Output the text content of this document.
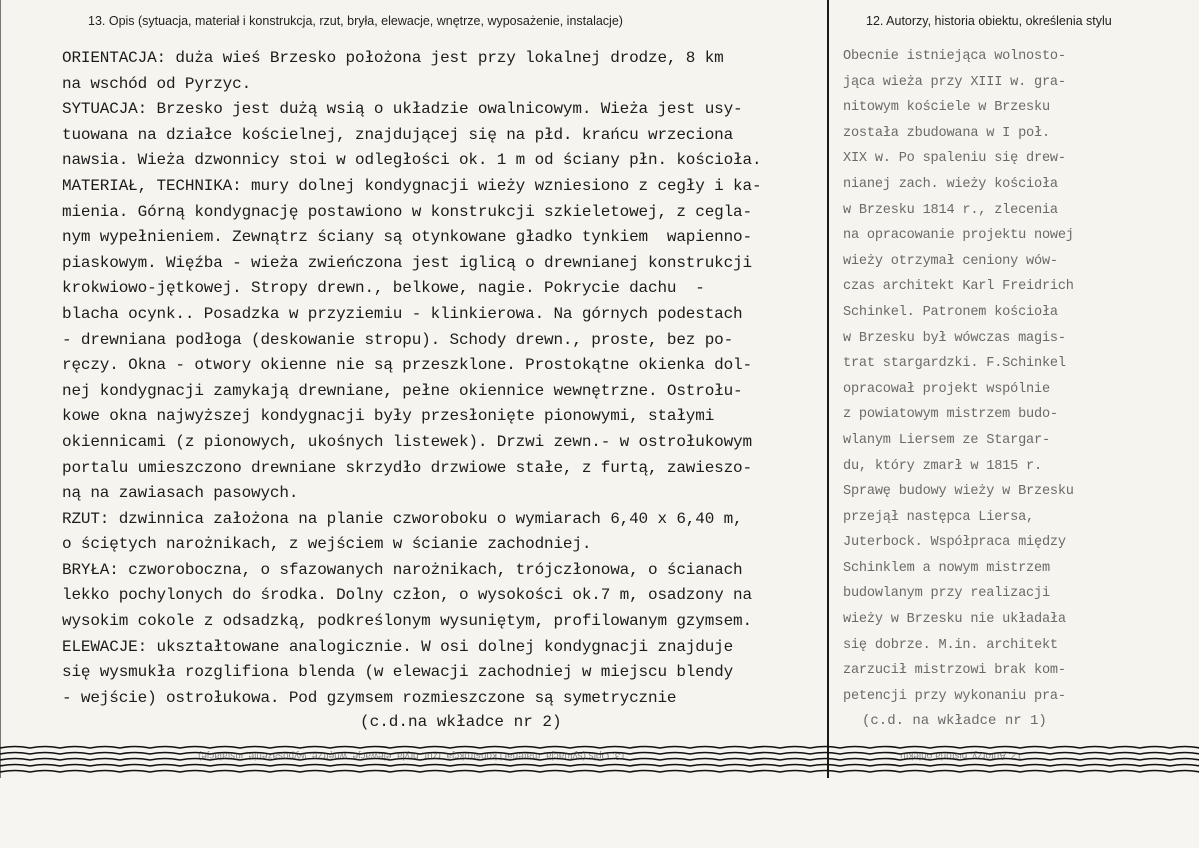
13. Opis (sytuacja, materiał i konstrukcja, rzut, bryła, elewacje, wnętrze, wyposażenie, instalacje)	12. Autorzy, historia obiektu, określenia stylu
ORIENTACJA: duża wieś Brzesko położona jest przy lokalnej drodze, 8 km
na wschód od Pyrzyc.
SYTUACJA: Brzesko jest dużą wsią o układzie owalnicowym. Wieża jest usy-
tuowana na działce kościelnej, znajdującej się na płd. krańcu wrzeciona
nawsia. Wieża dzwonnicy stoi w odległości ok. 1 m od ściany płn. kościoła.
MATERIAŁ, TECHNIKA: mury dolnej kondygnacji wieży wzniesiono z cegły i ka-
mienia. Górną kondygnację postawiono w konstrukcji szkieletowej, z cegla-
nym wypełnieniem. Zewnątrz ściany są otynkowane gładko tynkiem  wapienno-
piaskowym. Więźba - wieża zwieńczona jest iglicą o drewnianej konstrukcji
krokwiowo-jętkowej. Stropy drewn., belkowe, nagie. Pokrycie dachu  -
blacha ocynk.. Posadzka w przyziemiu - klinkierowa. Na górnych podestach
- drewniana podłoga (deskowanie stropu). Schody drewn., proste, bez po-
ręczy. Okna - otwory okienne nie są przeszklone. Prostokątne okienka dol-
nej kondygnacji zamykają drewniane, pełne okiennice wewnętrzne. Ostrołu-
kowe okna najwyższej kondygnacji były przesłonięte pionowymi, stałymi
okiennicami (z pionowych, ukośnych listewek). Drzwi zewn.- w ostrołukowym
portalu umieszczono drewniane skrzydło drzwiowe stałe, z furtą, zawieszo-
ną na zawiasach pasowych.
RZUT: dzwinnica założona na planie czworoboku o wymiarach 6,40 x 6,40 m,
o ściętych narożnikach, z wejściem w ścianie zachodniej.
BRYŁA: czworoboczna, o sfazowanych narożnikach, trójczłonowa, o ścianach
lekko pochylonych do środka. Dolny człon, o wysokości ok.7 m, osadzony na
wysokim cokole z odsadzką, podkreślonym wysuniętym, profilowanym gzymsem.
ELEWACJE: ukształtowane analogicznie. W osi dolnej kondygnacji znajduje
się wysmukła rozglifiona blenda (w elewacji zachodniej w miejscu blendy
- wejście) ostrołukowa. Pod gzymsem rozmieszczone są symetrycznie
(c.d.na wkładce nr 2)
Obecnie istniejąca wolnosto-
jąca wieża przy XIII w. gra-
nitowym kościele w Brzesku
została zbudowana w I poł.
XIX w. Po spaleniu się drew-
nianej zach. wieży kościoła
w Brzesku 1814 r., zlecenia
na opracowanie projektu nowej
wieży otrzymał ceniony wów-
czas architekt Karl Freidrich
Schinkel. Patronem kościoła
w Brzesku był wówczas magis-
trat stargardzki. F.Schinkel
opracował projekt wspólnie
z powiatowym mistrzem budo-
wlanym Liersem ze Stargar-
du, który zmarł w 1815 r.
Sprawę budowy wieży w Brzesku
przejął następca Liersa,
Juterbock. Współpraca między
Schinklem a nowym mistrzem
budowlanym przy realizacji
wieży w Brzesku nie układała
się dobrze. M.in. architekt
zarzucił mistrzowi brak kom-
petencji przy wykonaniu pra-
(c.d. na wkładce nr 1)
13. Opis (sytuacja, materiał i konstrukcja, rzut, bryła, elewacje, wnętrze, wyposażenie, instalacje)	12. Autorzy, historia obiektu
